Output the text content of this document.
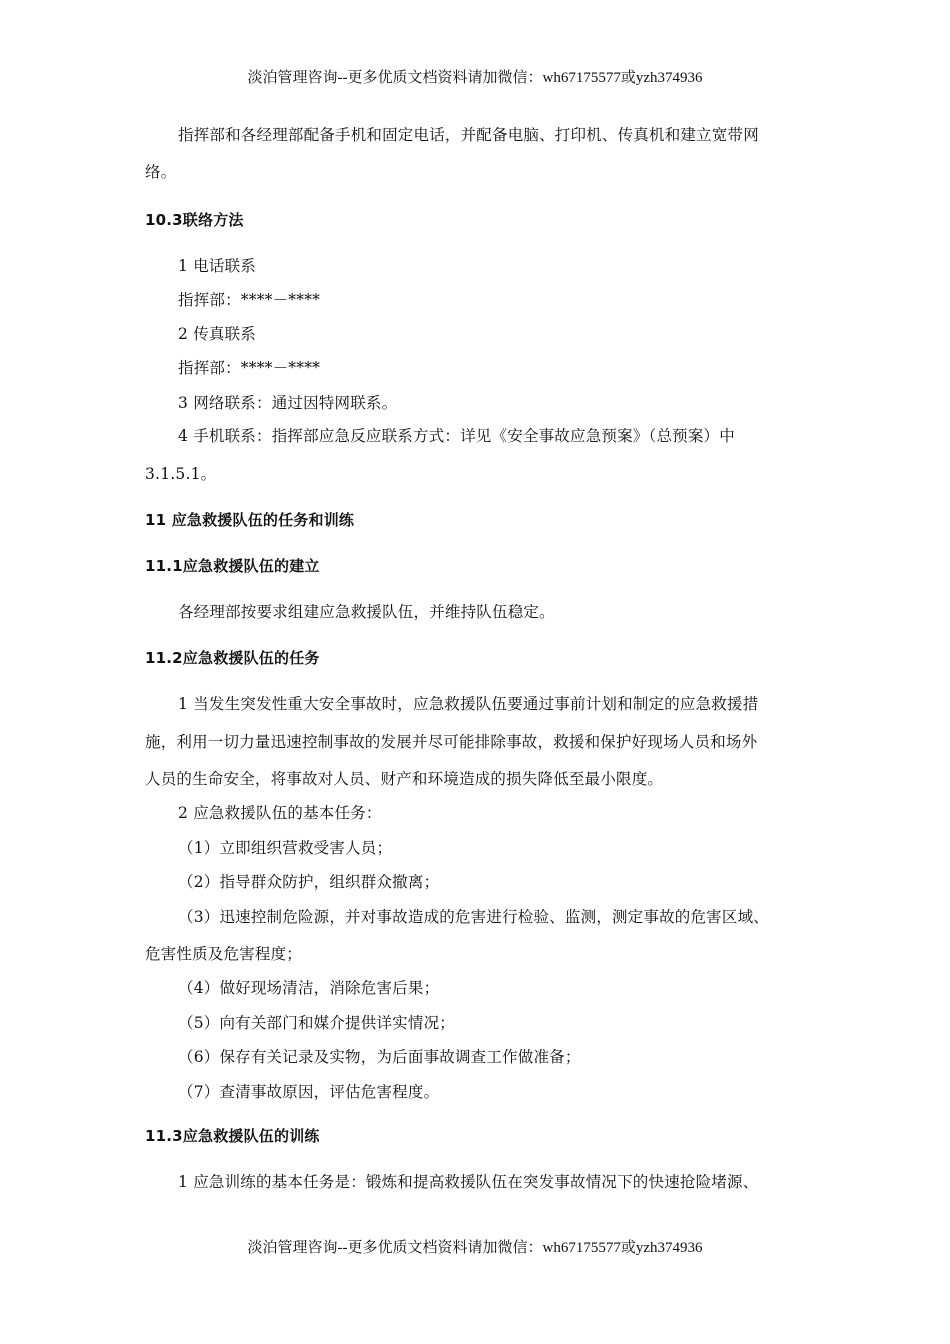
淡泊管理咨询--更多优质文档资料请加微信：wh67175577或yzh374936
指挥部和各经理部配备手机和固定电话，并配备电脑、打印机、传真机和建立宽带网
络。
10.3联络方法
1 电话联系
指挥部：****－****
2 传真联系
指挥部：****－****
3 网络联系：通过因特网联系。
4 手机联系：指挥部应急反应联系方式：详见《安全事故应急预案》（总预案）中
3.1.5.1。
11 应急救援队伍的任务和训练
11.1应急救援队伍的建立
各经理部按要求组建应急救援队伍，并维持队伍稳定。
11.2应急救援队伍的任务
1 当发生突发性重大安全事故时，应急救援队伍要通过事前计划和制定的应急救援措
施，利用一切力量迅速控制事故的发展并尽可能排除事故，救援和保护好现场人员和场外
人员的生命安全，将事故对人员、财产和环境造成的损失降低至最小限度。
2 应急救援队伍的基本任务：
（1）立即组织营救受害人员；
（2）指导群众防护，组织群众撤离；
（3）迅速控制危险源，并对事故造成的危害进行检验、监测，测定事故的危害区域、
危害性质及危害程度；
（4）做好现场清洁，消除危害后果；
（5）向有关部门和媒介提供详实情况；
（6）保存有关记录及实物，为后面事故调查工作做准备；
（7）查清事故原因，评估危害程度。
11.3应急救援队伍的训练
1 应急训练的基本任务是：锻炼和提高救援队伍在突发事故情况下的快速抢险堵源、
淡泊管理咨询--更多优质文档资料请加微信：wh67175577或yzh374936
